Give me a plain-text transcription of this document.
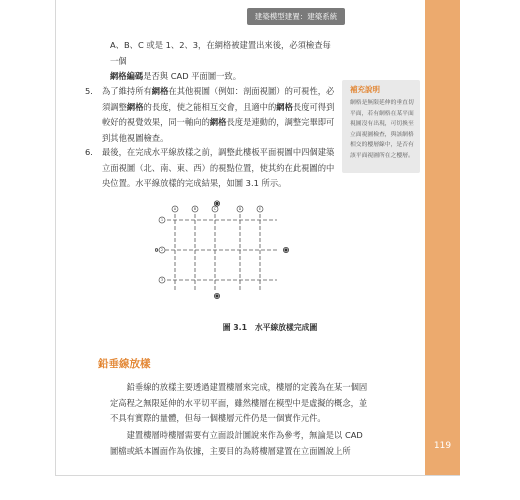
建築模型建置：建築系統
A、B、C 或是 1、2、3，在網格被建置出來後，必須檢查每一個
網格編碼是否與 CAD 平面圖一致。
5.	為了維持所有網格在其他視圖（例如：剖面視圖）的可視性，必須調整網格的長度，使之能相互交會，且適中的網格長度可得到較好的視覺效果，同一軸向的網格長度是連動的，調整完畢即可到其他視圖檢查。
6.	最後，在完成水平線放樣之前，調整此樓板平面視圖中四個建築立面視圖（北、南、東、西）的視點位置，使其約在此視圖的中央位置。水平線放樣的完成結果，如圖 3.1 所示。
補充說明
網格是無限延伸的垂直切平面，若有網格在某平面視圖沒有出現，可切換至立面視圖檢查，與該網格相交的樓層線中，是否有該平面視圖所在之樓層。
A	B	C	D	E
1
2
3
圖 3.1　水平線放樣完成圖
鉛垂線放樣
鉛垂線的放樣主要透過建置樓層來完成，樓層的定義為在某一個固定高程之無限延伸的水平切平面，雖然樓層在模型中是虛擬的概念，並不具有實際的量體，但每一個樓層元件仍是一個實作元件。
建置樓層時樓層需要有立面設計圖說來作為參考，無論是以 CAD 圖檔或紙本圖面作為依據，主要目的為將樓層建置在立面圖說上所	119
